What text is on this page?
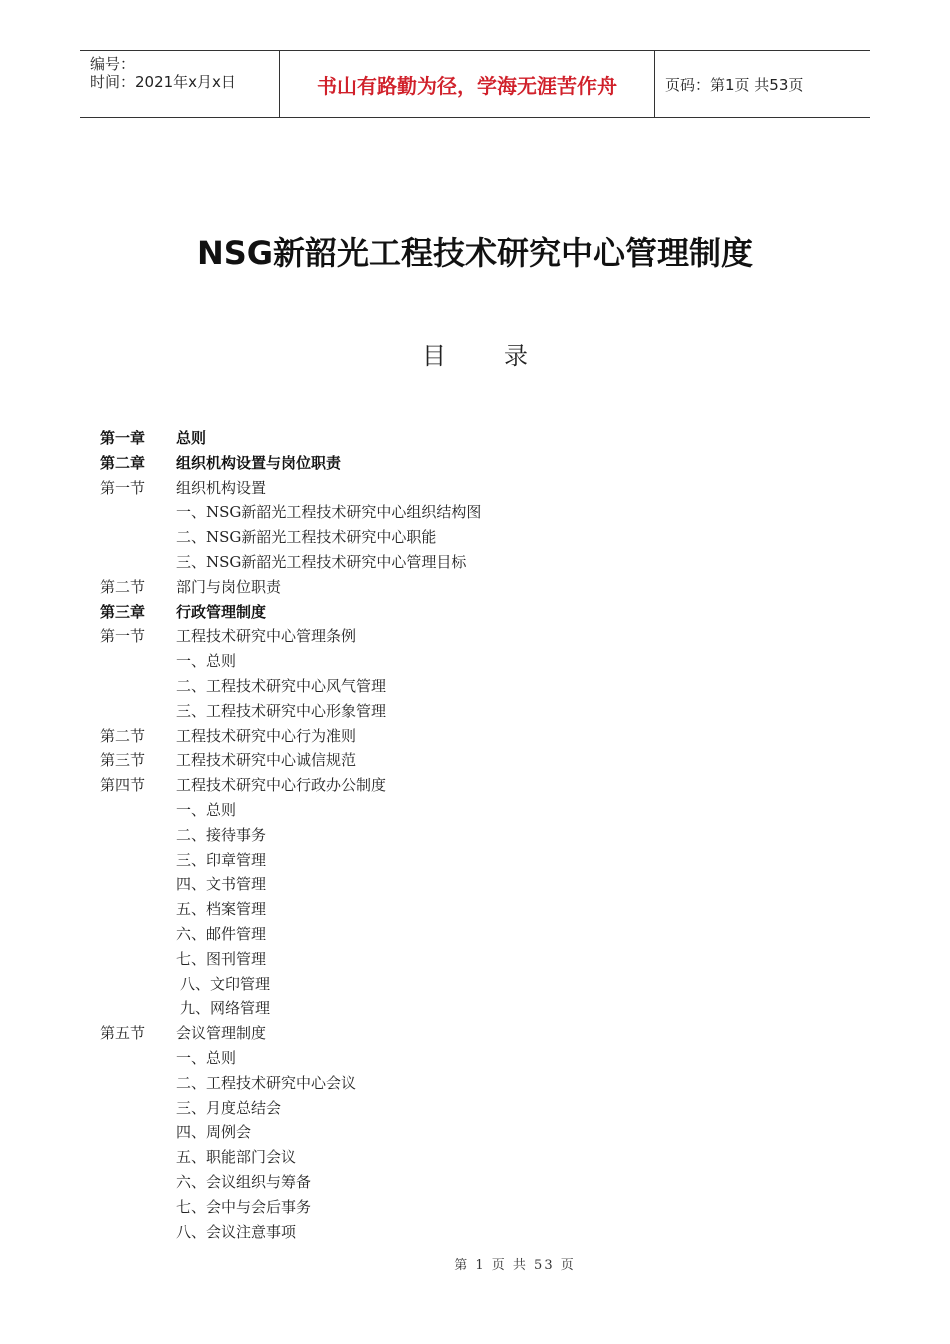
编号：
时间：2021年x月x日	书山有路勤为径，学海无涯苦作舟	页码：第1页 共53页
NSG新韶光工程技术研究中心管理制度
目录
第一章 总则
第二章 组织机构设置与岗位职责
第一节 组织机构设置
一、NSG新韶光工程技术研究中心组织结构图
二、NSG新韶光工程技术研究中心职能
三、NSG新韶光工程技术研究中心管理目标
第二节 部门与岗位职责
第三章 行政管理制度
第一节 工程技术研究中心管理条例
一、总则
二、工程技术研究中心风气管理
三、工程技术研究中心形象管理
第二节 工程技术研究中心行为准则
第三节 工程技术研究中心诚信规范
第四节 工程技术研究中心行政办公制度
一、总则
二、接待事务
三、印章管理
四、文书管理
五、档案管理
六、邮件管理
七、图刊管理
八、文印管理
九、网络管理
第五节 会议管理制度
一、总则
二、工程技术研究中心会议
三、月度总结会
四、周例会
五、职能部门会议
六、会议组织与筹备
七、会中与会后事务
八、会议注意事项
第 1 页 共 53 页
